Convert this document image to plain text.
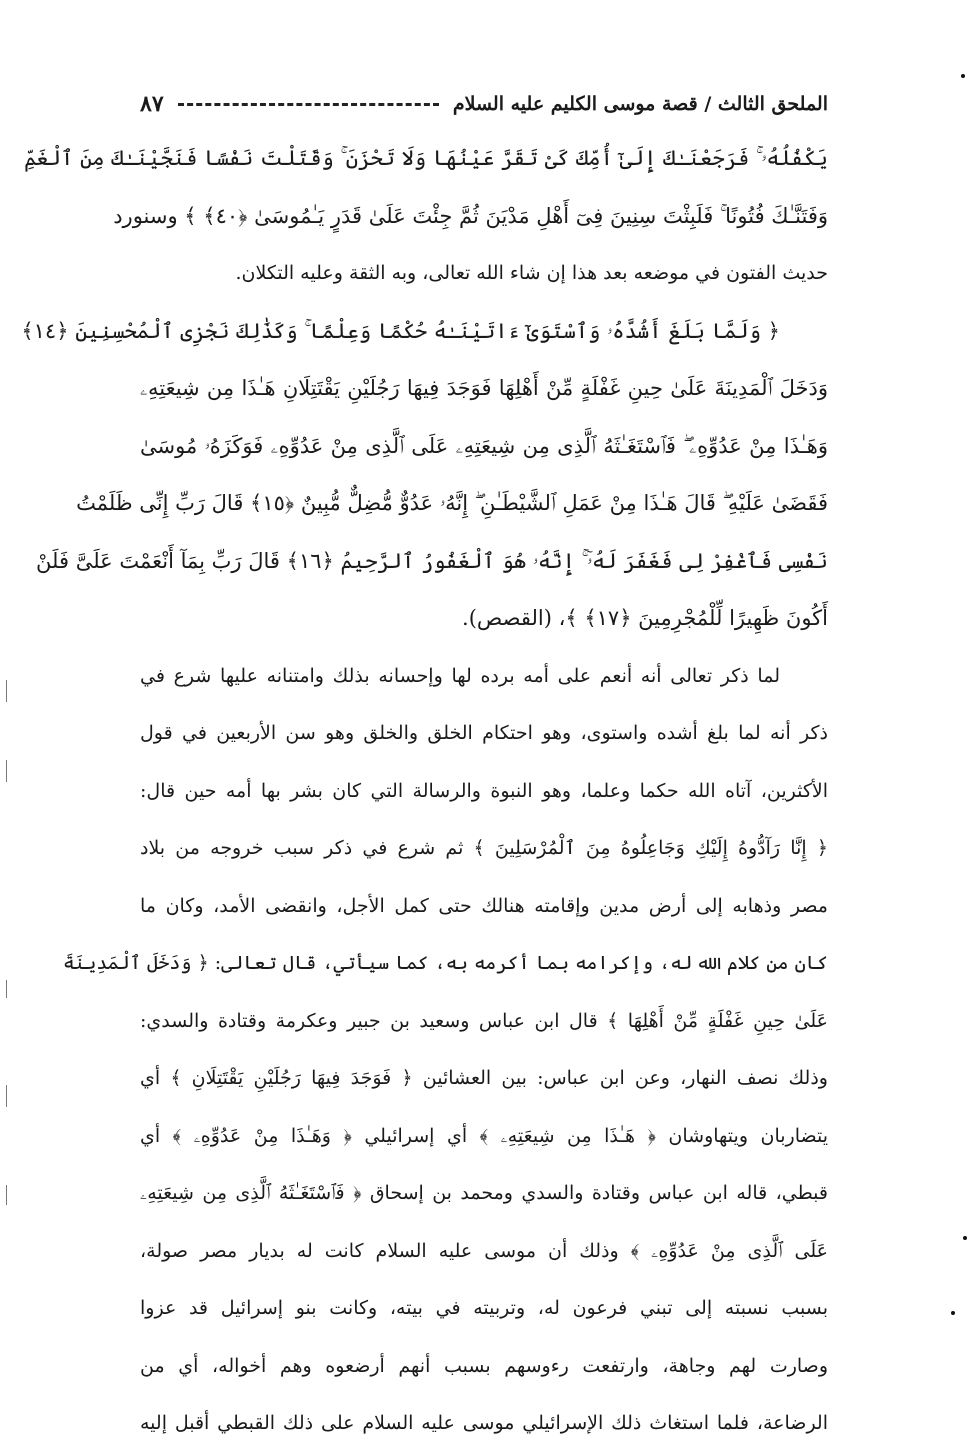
الملحق الثالث / قصة موسى الكليم عليه السلام
٨٧
يَكْفُلُهُۥ ۚ فَرَجَعْنَـٰكَ إِلَىٰٓ أُمِّكَ كَىْ تَقَرَّ عَيْنُهَا وَلَا تَحْزَنَ ۚ وَقَتَلْتَ نَفْسًا فَنَجَّيْنَـٰكَ مِنَ ٱلْغَمِّ
وَفَتَنَّـٰكَ فُتُونًا ۚ فَلَبِثْتَ سِنِينَ فِىٓ أَهْلِ مَدْيَنَ ثُمَّ جِئْتَ عَلَىٰ قَدَرٍ يَـٰمُوسَىٰ ﴿٤٠﴾ ﴾ وسنورد
حديث الفتون في موضعه بعد هذا إن شاء الله تعالى، وبه الثقة وعليه التكلان.
﴿ وَلَمَّا بَلَغَ أَشُدَّهُۥ وَٱسْتَوَىٰٓ ءَاتَيْنَـٰهُ حُكْمًا وَعِلْمًا ۚ وَكَذَٰلِكَ نَجْزِى ٱلْمُحْسِنِينَ ﴿١٤﴾
وَدَخَلَ ٱلْمَدِينَةَ عَلَىٰ حِينِ غَفْلَةٍ مِّنْ أَهْلِهَا فَوَجَدَ فِيهَا رَجُلَيْنِ يَقْتَتِلَانِ هَـٰذَا مِن شِيعَتِهِۦ
وَهَـٰذَا مِنْ عَدُوِّهِۦ ۖ فَٱسْتَغَـٰثَهُ ٱلَّذِى مِن شِيعَتِهِۦ عَلَى ٱلَّذِى مِنْ عَدُوِّهِۦ فَوَكَزَهُۥ مُوسَىٰ
فَقَضَىٰ عَلَيْهِ ۖ قَالَ هَـٰذَا مِنْ عَمَلِ ٱلشَّيْطَـٰنِ ۖ إِنَّهُۥ عَدُوٌّ مُّضِلٌّ مُّبِينٌ ﴿١٥﴾ قَالَ رَبِّ إِنِّى ظَلَمْتُ
نَفْسِى فَٱغْفِرْ لِى فَغَفَرَ لَهُۥٓ ۚ إِنَّهُۥ هُوَ ٱلْغَفُورُ ٱلرَّحِيمُ ﴿١٦﴾ قَالَ رَبِّ بِمَآ أَنْعَمْتَ عَلَىَّ فَلَنْ
أَكُونَ ظَهِيرًا لِّلْمُجْرِمِينَ ﴿١٧﴾ ﴾، (القصص).
لما ذكر تعالى أنه أنعم على أمه برده لها وإحسانه بذلك وامتنانه عليها شرع في
ذكر أنه لما بلغ أشده واستوى، وهو احتكام الخلق والخلق وهو سن الأربعين في قول
الأكثرين، آتاه الله حكما وعلما، وهو النبوة والرسالة التي كان بشر بها أمه حين قال:
﴿ إِنَّا رَآدُّوهُ إِلَيْكِ وَجَاعِلُوهُ مِنَ ٱلْمُرْسَلِينَ ﴾ ثم شرع في ذكر سبب خروجه من بلاد
مصر وذهابه إلى أرض مدين وإقامته هنالك حتى كمل الأجل، وانقضى الأمد، وكان ما
كان من كلام الله له، وإكرامه بما أكرمه به، كما سيأتي، قال تعالى: ﴿ وَدَخَلَ ٱلْمَدِينَةَ
عَلَىٰ حِينِ غَفْلَةٍ مِّنْ أَهْلِهَا ﴾ قال ابن عباس وسعيد بن جبير وعكرمة وقتادة والسدي:
وذلك نصف النهار، وعن ابن عباس: بين العشائين ﴿ فَوَجَدَ فِيهَا رَجُلَيْنِ يَقْتَتِلَانِ ﴾ أي
يتضاربان ويتهاوشان ﴿ هَـٰذَا مِن شِيعَتِهِۦ ﴾ أي إسرائيلي ﴿ وَهَـٰذَا مِنْ عَدُوِّهِۦ ﴾ أي
قبطي، قاله ابن عباس وقتادة والسدي ومحمد بن إسحاق ﴿ فَٱسْتَغَـٰثَهُ ٱلَّذِى مِن شِيعَتِهِۦ
عَلَى ٱلَّذِى مِنْ عَدُوِّهِۦ ﴾ وذلك أن موسى عليه السلام كانت له بديار مصر صولة،
بسبب نسبته إلى تبني فرعون له، وتربيته في بيته، وكانت بنو إسرائيل قد عزوا
وصارت لهم وجاهة، وارتفعت رءوسهم بسبب أنهم أرضعوه وهم أخواله، أي من
الرضاعة، فلما استغاث ذلك الإسرائيلي موسى عليه السلام على ذلك القبطي أقبل إليه
